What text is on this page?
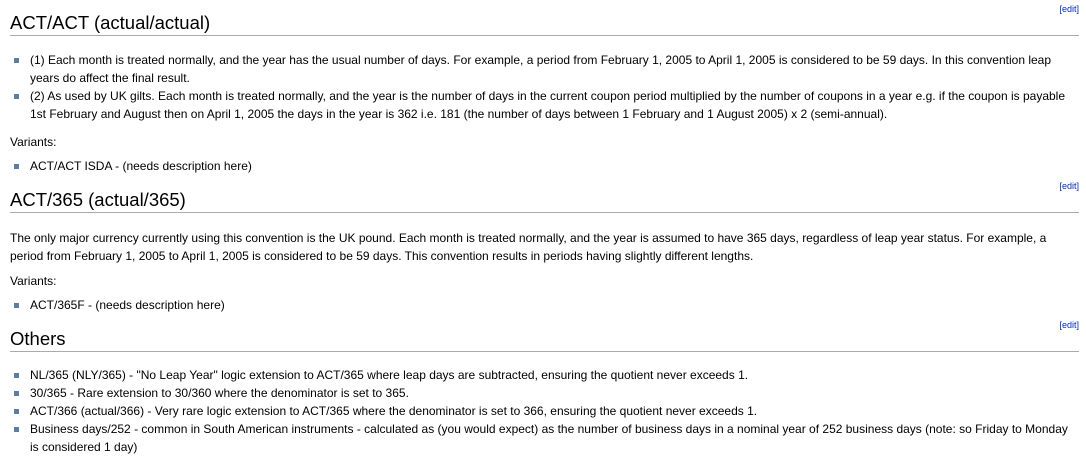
[edit]
ACT/ACT (actual/actual)
(1) Each month is treated normally, and the year has the usual number of days. For example, a period from February 1, 2005 to April 1, 2005 is considered to be 59 days. In this convention leap years do affect the final result.
(2) As used by UK gilts. Each month is treated normally, and the year is the number of days in the current coupon period multiplied by the number of coupons in a year e.g. if the coupon is payable 1st February and August then on April 1, 2005 the days in the year is 362 i.e. 181 (the number of days between 1 February and 1 August 2005) x 2 (semi-annual).

Variants:

ACT/ACT ISDA - (needs description here)
[edit]
ACT/365 (actual/365)

The only major currency currently using this convention is the UK pound. Each month is treated normally, and the year is assumed to have 365 days, regardless of leap year status. For example, a period from February 1, 2005 to April 1, 2005 is considered to be 59 days. This convention results in periods having slightly different lengths.

Variants:

ACT/365F - (needs description here)
[edit]
Others
NL/365 (NLY/365) - "No Leap Year" logic extension to ACT/365 where leap days are subtracted, ensuring the quotient never exceeds 1.
30/365 - Rare extension to 30/360 where the denominator is set to 365.
ACT/366 (actual/366) - Very rare logic extension to ACT/365 where the denominator is set to 366, ensuring the quotient never exceeds 1.
Business days/252 - common in South American instruments - calculated as (you would expect) as the number of business days in a nominal year of 252 business days (note: so Friday to Monday is considered 1 day)
